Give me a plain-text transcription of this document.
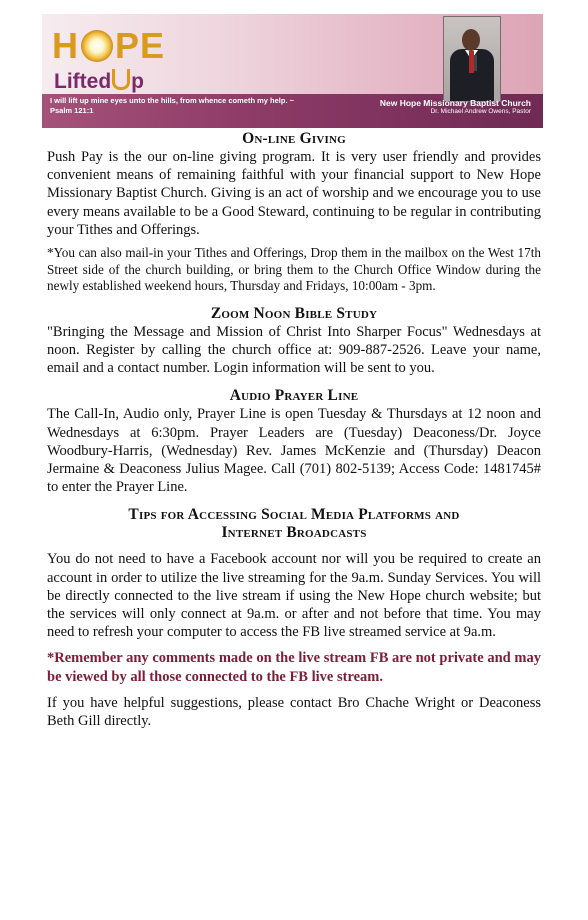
H PE
Lifted p
I will lift up mine eyes unto the hills, from whence cometh my help. ~ Psalm 121:1
New Hope Missionary Baptist Church
Dr. Michael Andrew Owens, Pastor
On-line Giving

Push Pay is the our on-line giving program. It is very user friendly and provides convenient means of remaining faithful with your financial support to New Hope Missionary Baptist Church. Giving is an act of worship and we encourage you to use every means available to be a Good Steward, continuing to be regular in contributing your Tithes and Offerings.

*You can also mail-in your Tithes and Offerings, Drop them in the mailbox on the West 17th Street side of the church building, or bring them to the Church Office Window during the newly established weekend hours, Thursday and Fridays, 10:00am - 3pm.

Zoom Noon Bible Study

"Bringing the Message and Mission of Christ Into Sharper Focus" Wednesdays at noon. Register by calling the church office at: 909-887-2526. Leave your name, email and a contact number. Login information will be sent to you.

Audio Prayer Line

The Call-In, Audio only, Prayer Line is open Tuesday & Thursdays at 12 noon and Wednesdays at 6:30pm. Prayer Leaders are (Tuesday) Deaconess/Dr. Joyce Woodbury-Harris, (Wednesday) Rev. James McKenzie and (Thursday) Deacon Jermaine & Deaconess Julius Magee. Call (701) 802-5139; Access Code: 1481745# to enter the Prayer Line.

Tips for Accessing Social Media Platforms and
Internet Broadcasts

You do not need to have a Facebook account nor will you be required to create an account in order to utilize the live streaming for the 9a.m. Sunday Services. You will be directly connected to the live stream if using the New Hope church website; but the services will only connect at 9a.m. or after and not before that time. You may need to refresh your computer to access the FB live streamed service at 9a.m.

*Remember any comments made on the live stream FB are not private and may be viewed by all those connected to the FB live stream.

If you have helpful suggestions, please contact Bro Chache Wright or Deaconess Beth Gill directly.
